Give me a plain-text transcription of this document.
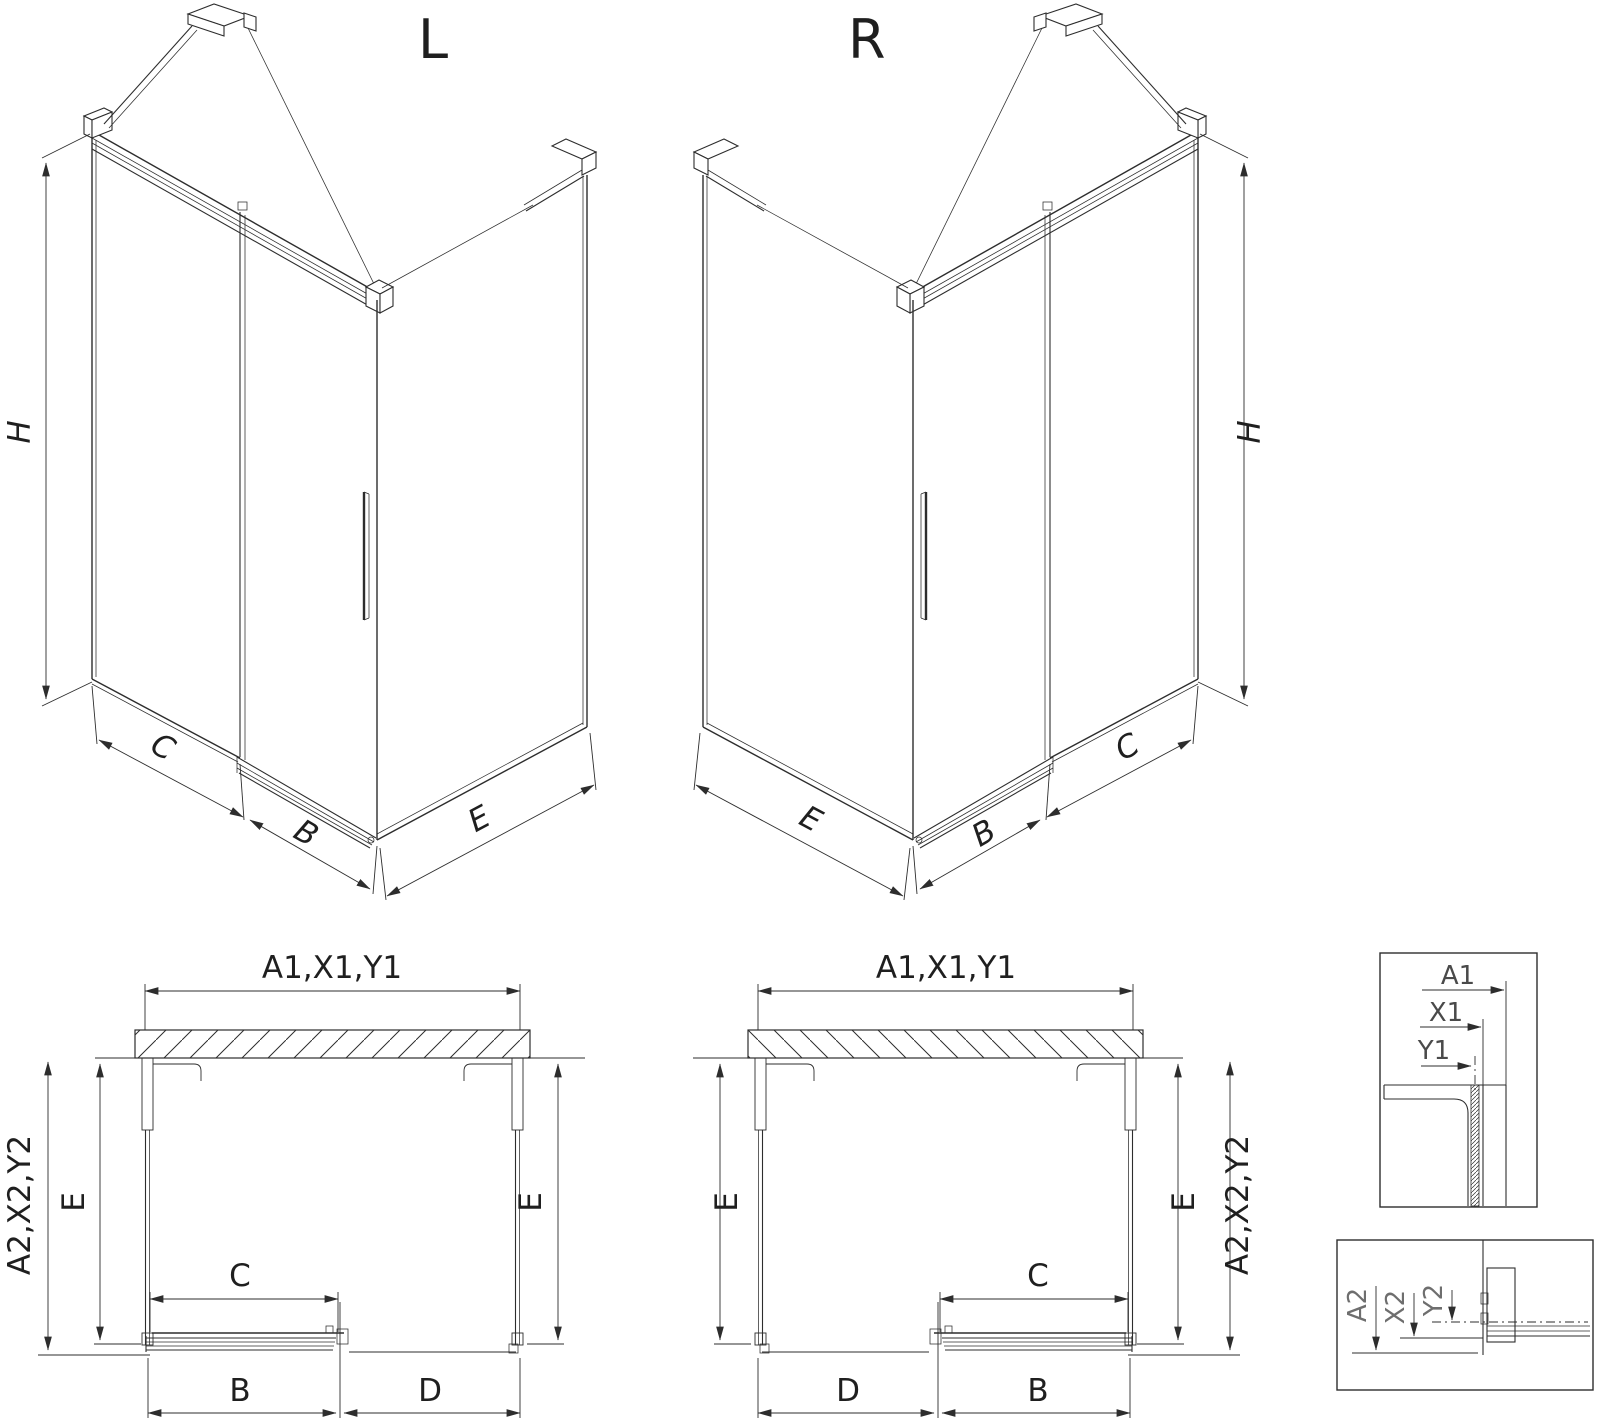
L
H
C
B	E
R
H
C
B
E
A1,X1,Y1
A2,X2,Y2 E	E
C
B	D
A1,X1,Y1
A2,X2,Y2
E	E
C
B
D
A1
X1
Y1
A2 X2 Y2
